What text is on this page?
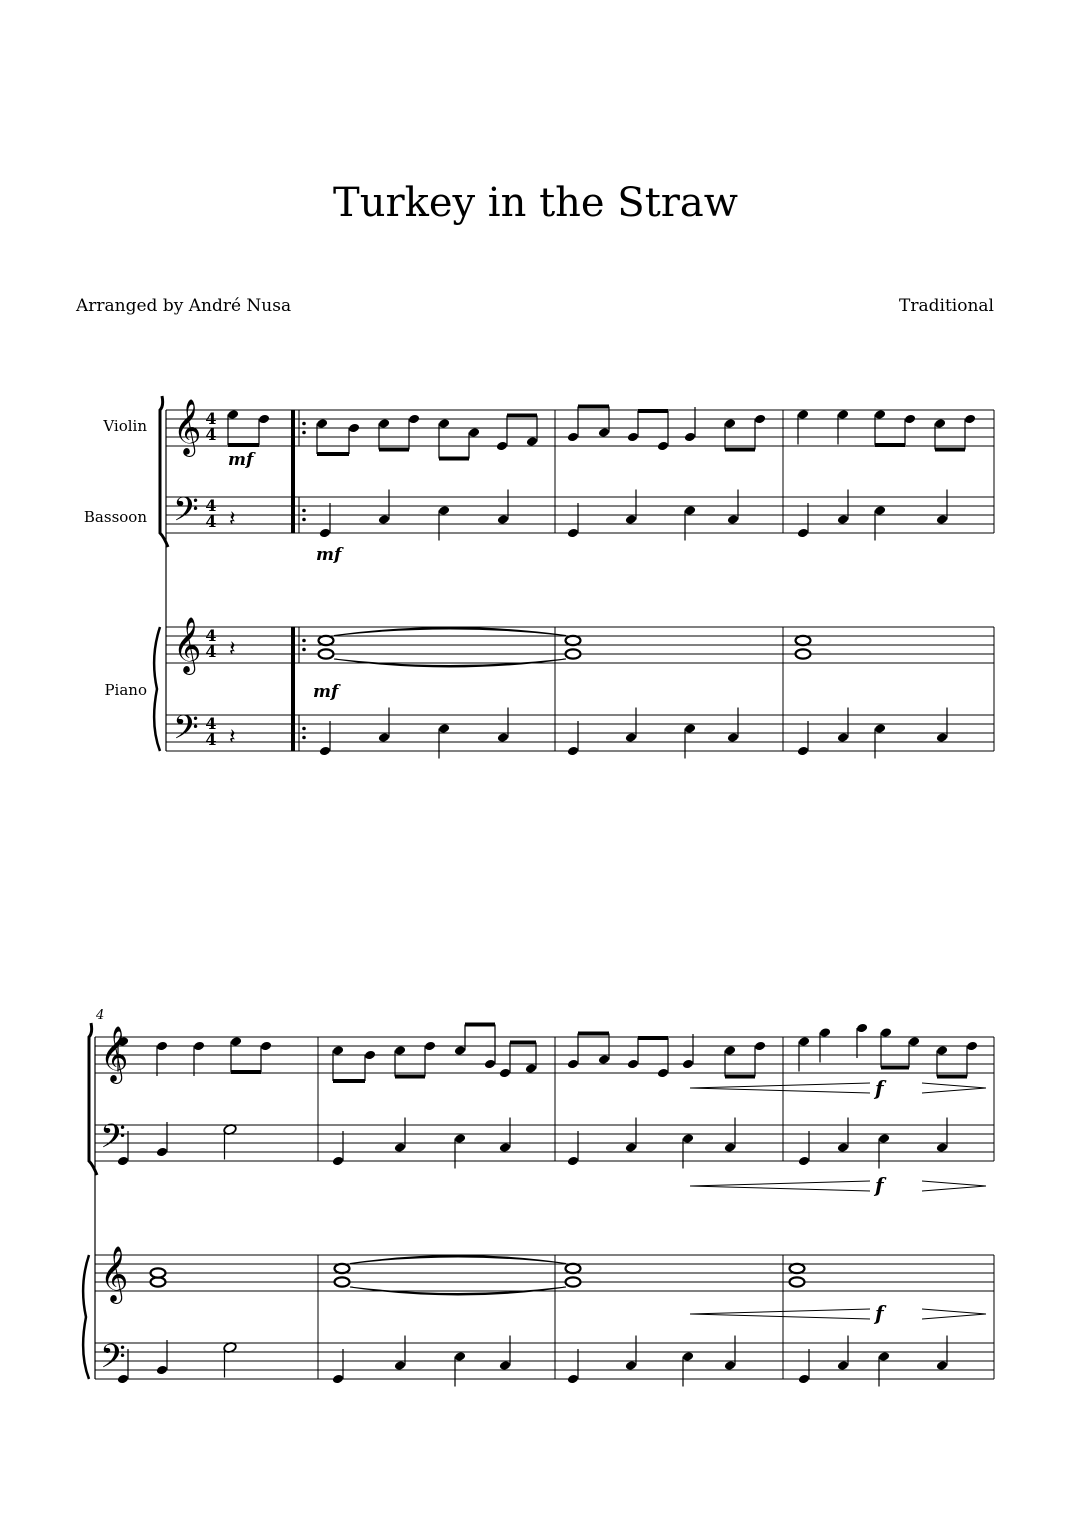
Turkey in the Straw
Arranged by André Nusa	Traditional
Violin
Bassoon
Piano
4
4
4
4
4
4
4
4
𝄞
𝄢
𝄞
𝄢
𝄽
𝄽
𝄽
mf
mf
mf
4
𝄞
𝄢
𝄞
𝄢
f
f
f
